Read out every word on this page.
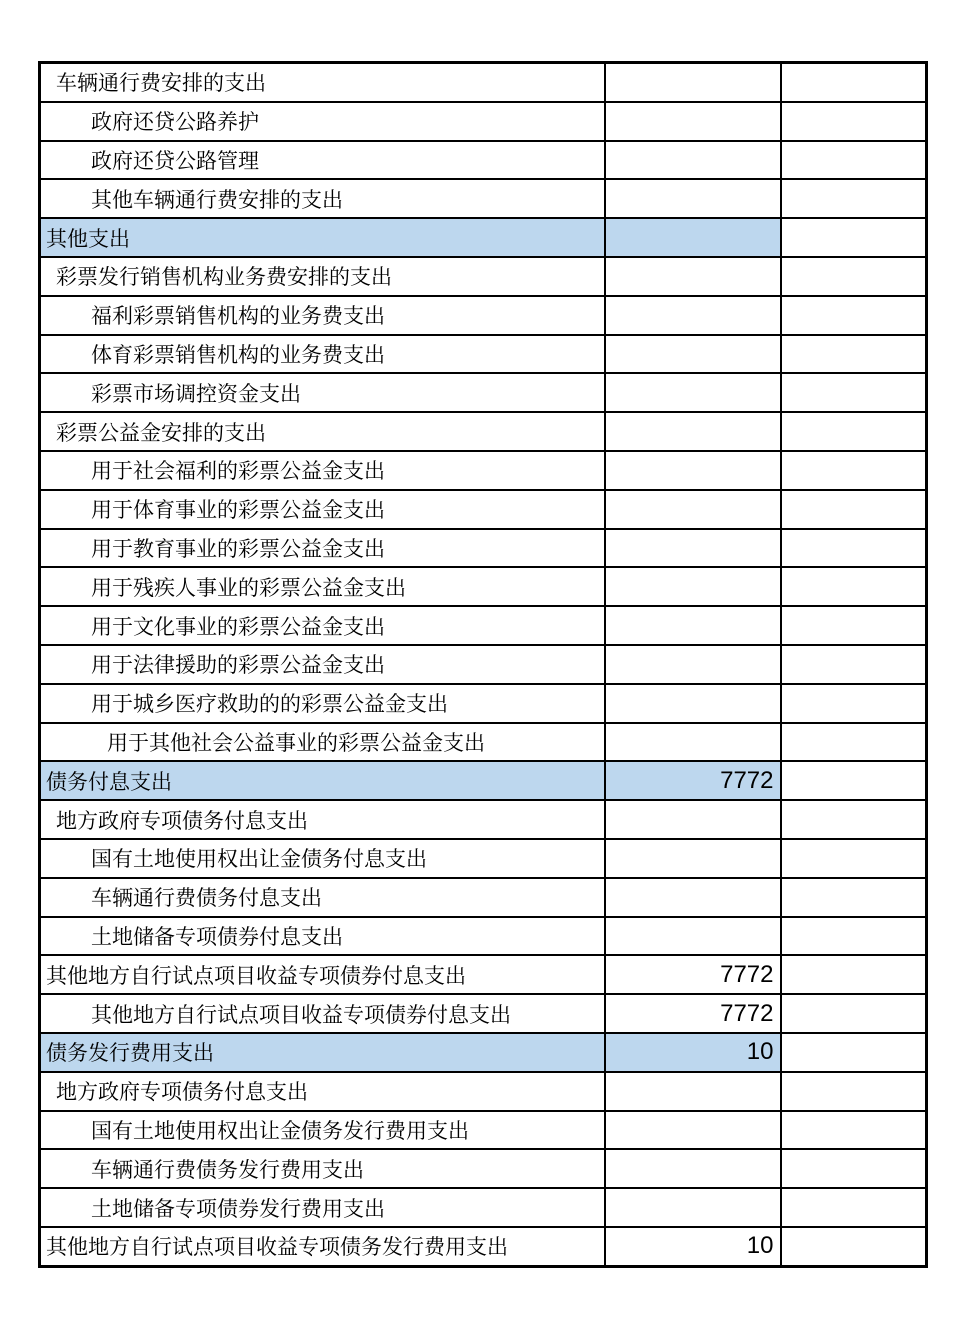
车辆通行费安排的支出		
政府还贷公路养护		
政府还贷公路管理		
其他车辆通行费安排的支出		
其他支出		
彩票发行销售机构业务费安排的支出		
福利彩票销售机构的业务费支出		
体育彩票销售机构的业务费支出		
彩票市场调控资金支出		
彩票公益金安排的支出		
用于社会福利的彩票公益金支出		
用于体育事业的彩票公益金支出		
用于教育事业的彩票公益金支出		
用于残疾人事业的彩票公益金支出		
用于文化事业的彩票公益金支出		
用于法律援助的彩票公益金支出		
用于城乡医疗救助的的彩票公益金支出		
用于其他社会公益事业的彩票公益金支出		
债务付息支出	7772	
地方政府专项债务付息支出		
国有土地使用权出让金债务付息支出		
车辆通行费债务付息支出		
土地储备专项债券付息支出		
其他地方自行试点项目收益专项债券付息支出	7772	
其他地方自行试点项目收益专项债券付息支出	7772	
债务发行费用支出	10	
地方政府专项债务付息支出		
国有土地使用权出让金债务发行费用支出		
车辆通行费债务发行费用支出		
土地储备专项债券发行费用支出		
其他地方自行试点项目收益专项债务发行费用支出	10	
